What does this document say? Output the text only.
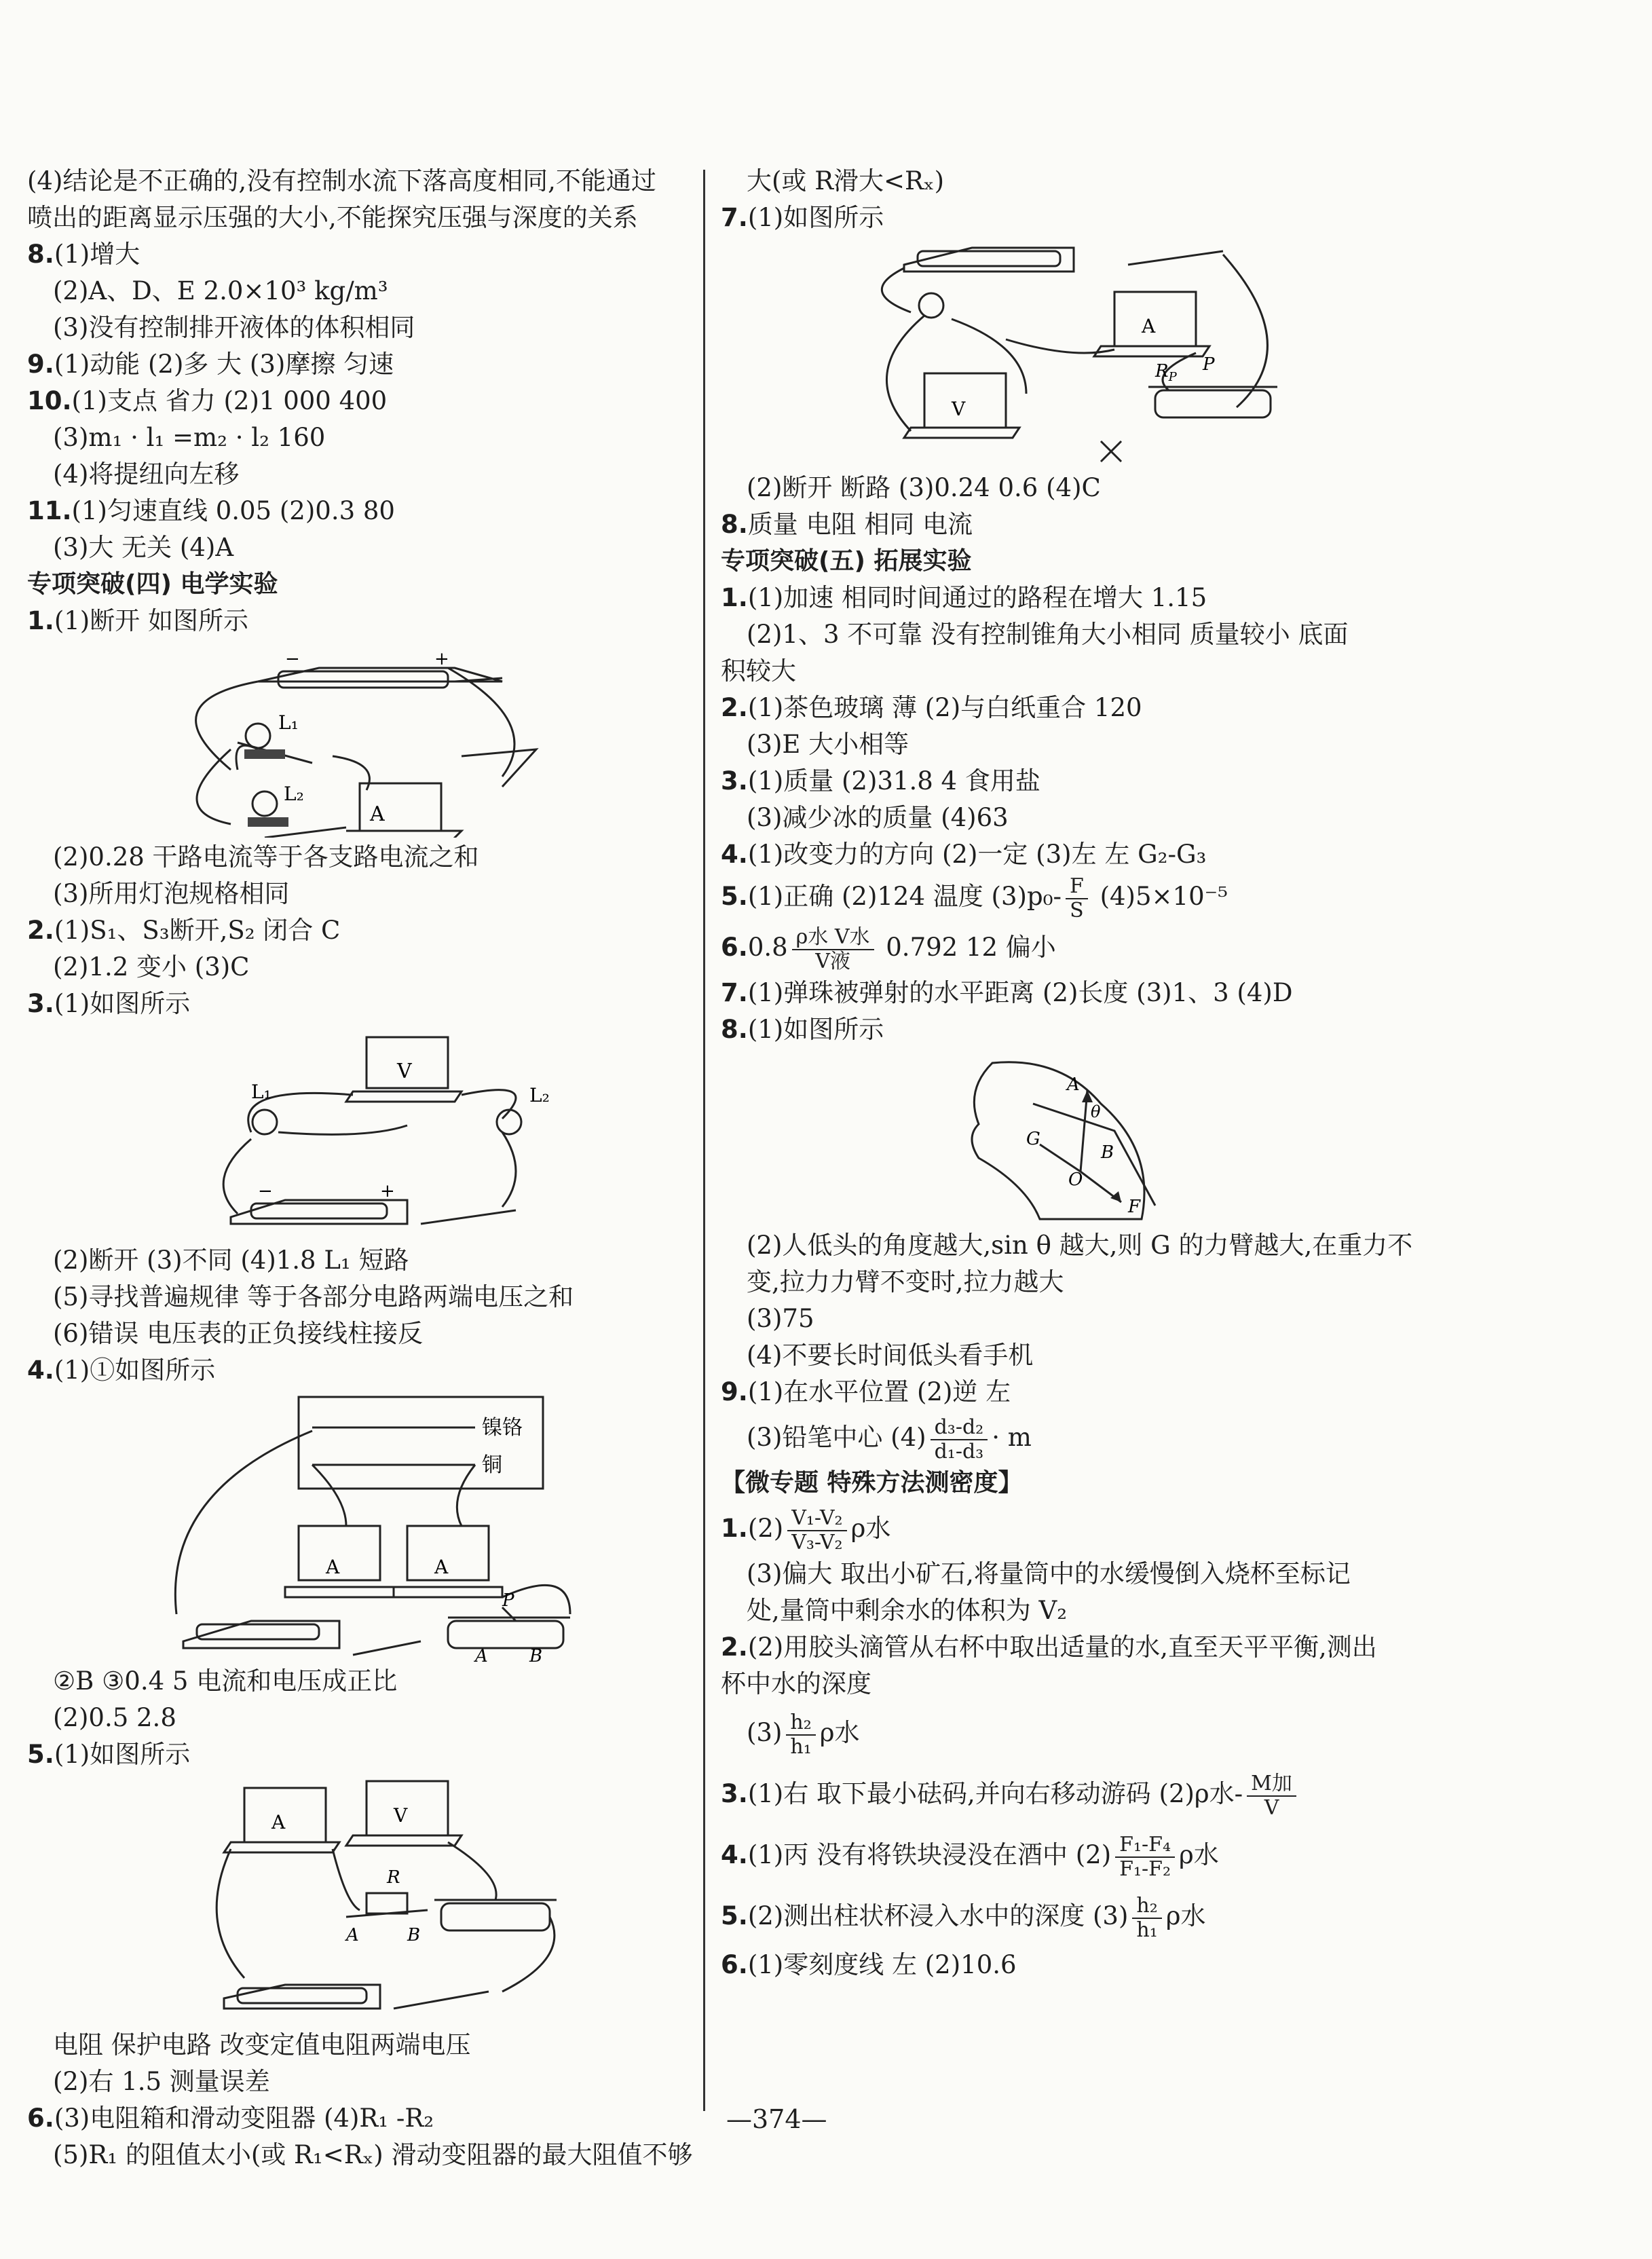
(4)结论是不正确的,没有控制水流下落高度相同,不能通过
喷出的距离显示压强的大小,不能探究压强与深度的关系
8.(1)增大
(2)A、D、E 2.0×10³ kg/m³
(3)没有控制排开液体的体积相同
9.(1)动能 (2)多 大 (3)摩擦 匀速
10.(1)支点 省力 (2)1 000 400
(3)m₁ · l₁ =m₂ · l₂ 160
(4)将提纽向左移
11.(1)匀速直线 0.05 (2)0.3 80
(3)大 无关 (4)A
专项突破(四) 电学实验
1.(1)断开 如图所示
L₁
L₂
A
−	+
(2)0.28 干路电流等于各支路电流之和
(3)所用灯泡规格相同
2.(1)S₁、S₃断开,S₂ 闭合 C
(2)1.2 变小 (3)C
3.(1)如图所示
L₁	L₂
V
−	+
(2)断开 (3)不同 (4)1.8 L₁ 短路
(5)寻找普遍规律 等于各部分电路两端电压之和
(6)错误 电压表的正负接线柱接反
4.(1)①如图所示
镍铬
铜
A	A
P
A B
②B ③0.4 5 电流和电压成正比
(2)0.5 2.8
5.(1)如图所示
A	V
R
A	B
电阻 保护电路 改变定值电阻两端电压
(2)右 1.5 测量误差
6.(3)电阻箱和滑动变阻器 (4)R₁ -R₂
(5)R₁ 的阻值太小(或 R₁<Rₓ) 滑动变阻器的最大阻值不够
大(或 R滑大<Rₓ)
7.(1)如图所示
A
V
$R_P$
P
(2)断开 断路 (3)0.24 0.6 (4)C
8.质量 电阻 相同 电流
专项突破(五) 拓展实验
1.(1)加速 相同时间通过的路程在增大 1.15
(2)1、3 不可靠 没有控制锥角大小相同 质量较小 底面
积较大
2.(1)茶色玻璃 薄 (2)与白纸重合 120
(3)E 大小相等
3.(1)质量 (2)31.8 4 食用盐
(3)减少冰的质量 (4)63
4.(1)改变力的方向 (2)一定 (3)左 左 G₂-G₃
5.(1)正确 (2)124 温度 $(3)p_0- \frac{F}{S} (4)5\times 10^{-5}$
$6.0.8 \frac{\text{ρ水 V水}}{\text{V液}} 0.792$ 12 偏小
7.(1)弹珠被弹射的水平距离 (2)长度 (3)1、3 (4)D
8.(1)如图所示
A
G
θ
B
O
F
(2)人低头的角度越大,sin θ 越大,则 G 的力臂越大,在重力不
变,拉力力臂不变时,拉力越大
(3)75
(4)不要长时间低头看手机
9.(1)在水平位置 (2)逆 左
(3)铅笔中心 $(4) \frac{\text{d₃-d₂}}{\text{d₁-d₃}} \cdot m$
【微专题 特殊方法测密度】
$1.(2) \frac{\text{V₁-V₂}}{\text{V₃-V₂}}$ ρ水
(3)偏大 取出小矿石,将量筒中的水缓慢倒入烧杯至标记
处,量筒中剩余水的体积为 V₂
2.(2)用胶头滴管从右杯中取出适量的水,直至天平平衡,测出
杯中水的深度
$(3) \frac{\text{h₂}}{\text{h₁}}$ ρ水
3.(1)右 取下最小砝码,并向右移动游码 (2)ρ水- $\frac{\text{M加}}{V}$
4.(1)丙 没有将铁块浸没在酒中 $(2) \frac{\text{F₁-F₄}}{\text{F₁-F₂}}$ ρ水
5.(2)测出柱状杯浸入水中的深度 $(3) \frac{\text{h₂}}{\text{h₁}}$ ρ水
6.(1)零刻度线 左 (2)10.6
—374—
